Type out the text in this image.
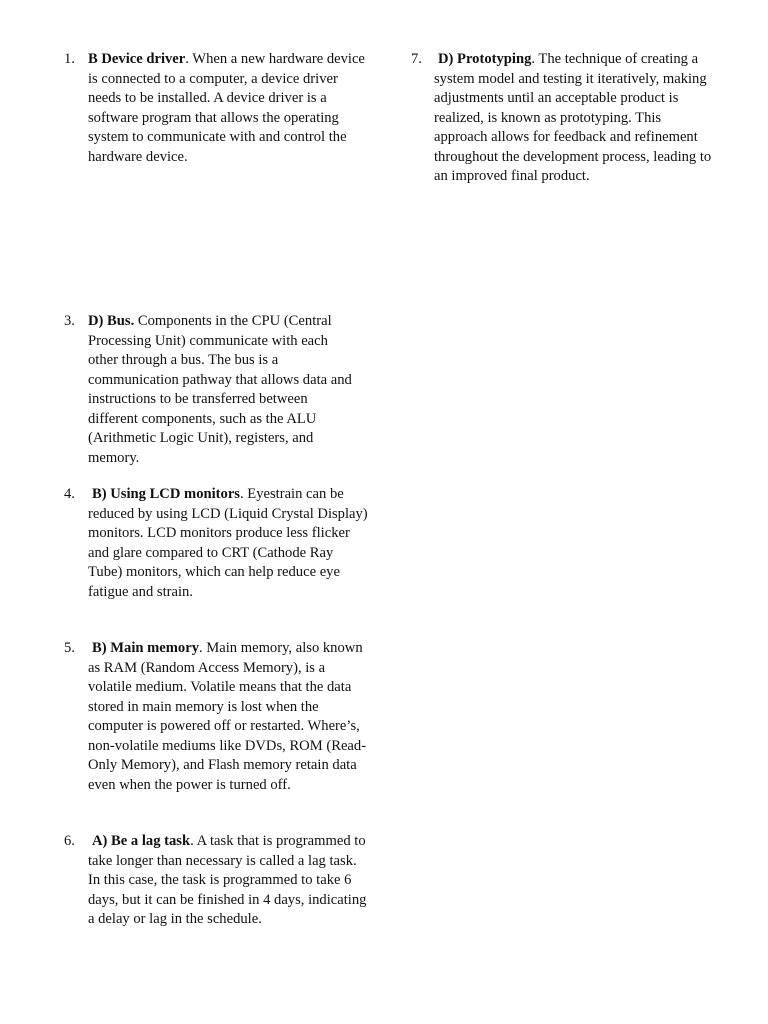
1. B Device driver. When a new hardware device is connected to a computer, a device driver needs to be installed. A device driver is a software program that allows the operating system to communicate with and control the hardware device.

7. D) Prototyping. The technique of creating a system model and testing it iteratively, making adjustments until an acceptable product is realized, is known as prototyping. This approach allows for feedback and refinement throughout the development process, leading to an improved final product.

3. D) Bus. Components in the CPU (Central Processing Unit) communicate with each other through a bus. The bus is a communication pathway that allows data and instructions to be transferred between different components, such as the ALU (Arithmetic Logic Unit), registers, and memory.

4. B) Using LCD monitors. Eyestrain can be reduced by using LCD (Liquid Crystal Display) monitors. LCD monitors produce less flicker and glare compared to CRT (Cathode Ray Tube) monitors, which can help reduce eye fatigue and strain.

5. B) Main memory. Main memory, also known as RAM (Random Access Memory), is a volatile medium. Volatile means that the data stored in main memory is lost when the computer is powered off or restarted. Where’s, non-volatile mediums like DVDs, ROM (Read-Only Memory), and Flash memory retain data even when the power is turned off.

6. A) Be a lag task. A task that is programmed to take longer than necessary is called a lag task. In this case, the task is programmed to take 6 days, but it can be finished in 4 days, indicating a delay or lag in the schedule.
